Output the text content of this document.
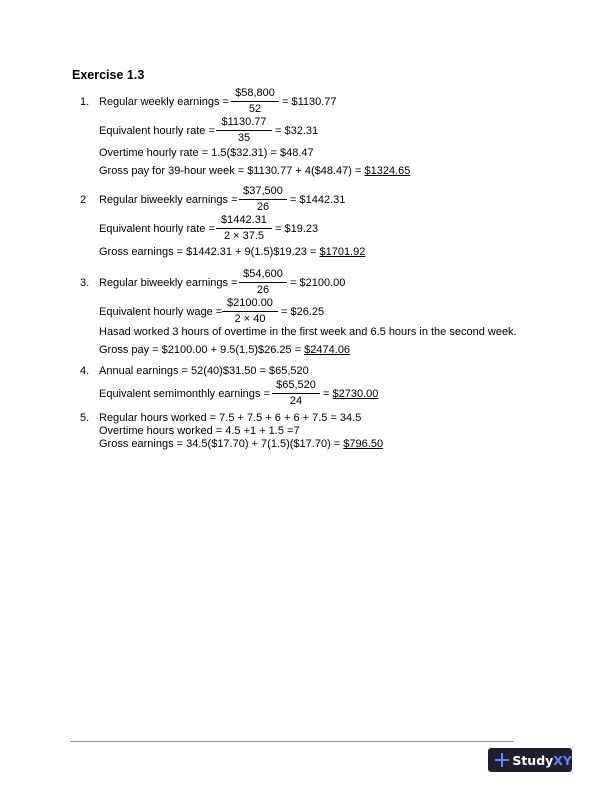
Exercise 1.3
1. Regular weekly earnings = $\frac{\$58,800}{52}$ = $1130.77
Equivalent hourly rate = $\frac{\$1130.77}{35}$ = $32.31
Overtime hourly rate = 1.5($32.31) = $48.47
Gross pay for 39-hour week = $1130.77 + 4($48.47) = $1324.65
2 Regular biweekly earnings = $\frac{\$37,500}{26}$ = $1442.31
Equivalent hourly rate = $\frac{\$1442.31}{2 \times 37.5}$ = $19.23
Gross earnings = $1442.31 + 9(1.5)$19.23 = $1701.92
3. Regular biweekly earnings = $\frac{\$54,600}{26}$ = $2100.00
Equivalent hourly wage = $\frac{\$2100.00}{2 \times 40}$ = $26.25
Hasad worked 3 hours of overtime in the first week and 6.5 hours in the second week.
Gross pay = $2100.00 + 9.5(1.5)$26.25 = $2474.06
4. Annual earnings = 52(40)$31.50 = $65,520
Equivalent semimonthly earnings = $\frac{\$65,520}{24}$ = $2730.00
5. Regular hours worked = 7.5 + 7.5 + 6 + 6 + 7.5 = 34.5
Overtime hours worked = 4.5 +1 + 1.5 =7
Gross earnings = 34.5($17.70) + 7(1.5)($17.70) = $796.50
Study XY
